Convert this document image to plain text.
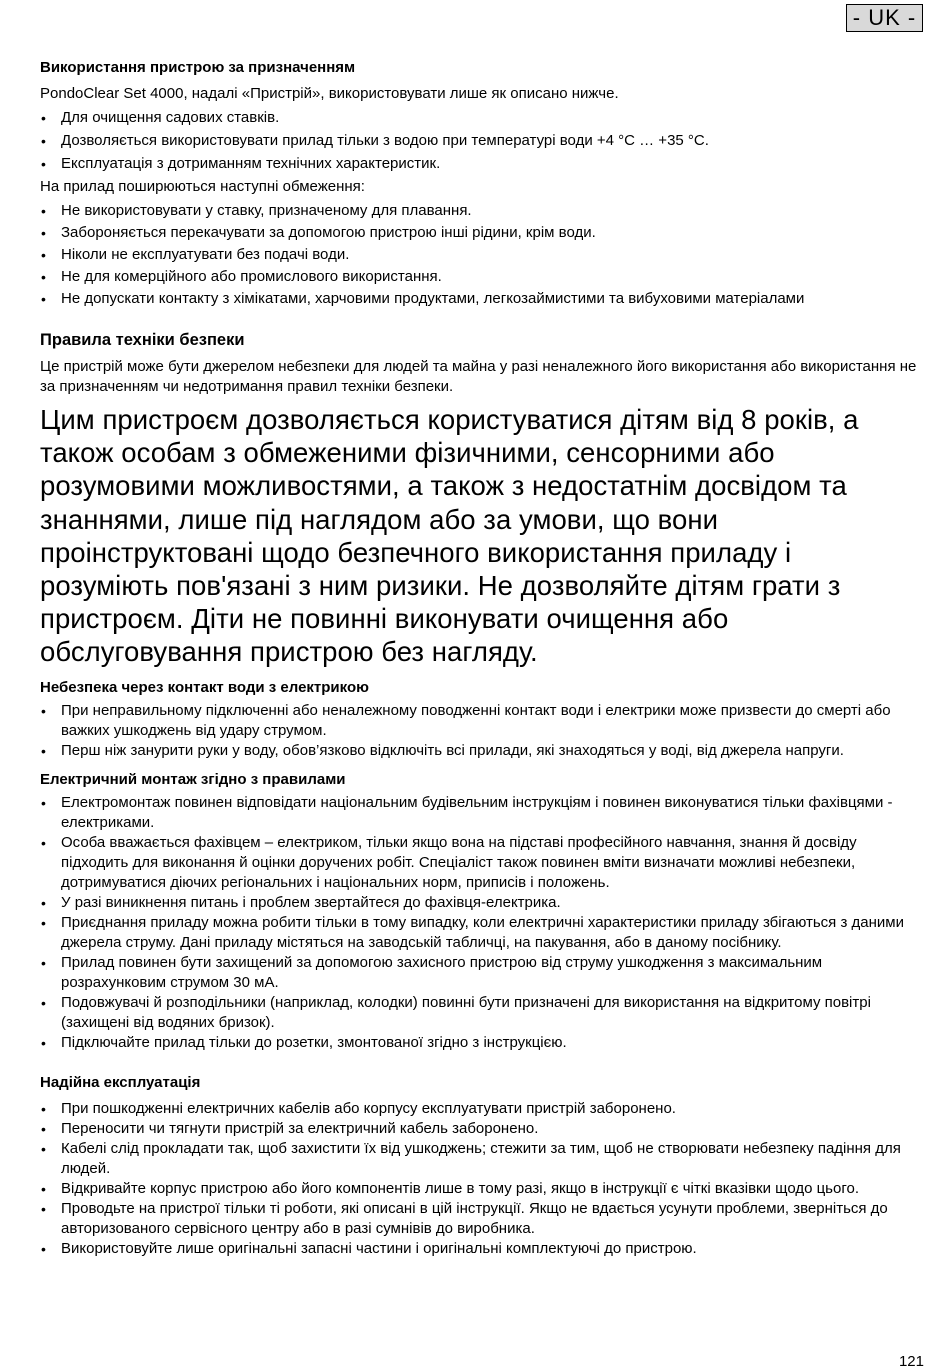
- UK -
Використання пристрою за призначенням

PondoClear Set 4000, надалі «Пристрій», використовувати лише як описано нижче.

• Для очищення садових ставків.
• Дозволяється використовувати прилад тільки з водою при температурі води +4 °C … +35 °C.
• Експлуатація з дотриманням технічних характеристик.

На прилад поширюються наступні обмеження:

• Не використовувати у ставку, призначеному для плавання.
• Забороняється перекачувати за допомогою пристрою інші рідини, крім води.
• Ніколи не експлуатувати без подачі води.
• Не для комерційного або промислового використання.
• Не допускати контакту з хімікатами, харчовими продуктами, легкозаймистими та вибуховими матеріалами
Правила техніки безпеки

Це пристрій може бути джерелом небезпеки для людей та майна у разі неналежного його використання або використання не за призначенням чи недотримання правил техніки безпеки.

Цим пристроєм дозволяється користуватися дітям від 8 років, а
також особам з обмеженими фізичними, сенсорними або
розумовими можливостями, а також з недостатнім досвідом та
знаннями, лише під наглядом або за умови, що вони
проінструктовані щодо безпечного використання приладу і
розуміють пов'язані з ним ризики. Не дозволяйте дітям грати з
пристроєм. Діти не повинні виконувати очищення або
обслуговування пристрою без нагляду.
Небезпека через контакт води з електрикою
• При неправильному підключенні або неналежному поводженні контакт води і електрики може призвести до смерті або важких ушкоджень від удару струмом.
• Перш ніж занурити руки у воду, обов’язково відключіть всі прилади, які знаходяться у воді, від джерела напруги.
Електричний монтаж згідно з правилами
• Електромонтаж повинен відповідати національним будівельним інструкціям і повинен виконуватися тільки фахівцями - електриками.
• Особа вважається фахівцем – електриком, тільки якщо вона на підставі професійного навчання, знання й досвіду підходить для виконання й оцінки доручених робіт. Спеціаліст також повинен вміти визначати можливі небезпеки, дотримуватися діючих регіональних і національних норм, приписів і положень.
• У разі виникнення питань і проблем звертайтеся до фахівця-електрика.
• Приєднання приладу можна робити тільки в тому випадку, коли електричні характеристики приладу збігаються з даними джерела струму. Дані приладу містяться на заводській табличці, на пакування, або в даному посібнику.
• Прилад повинен бути захищений за допомогою захисного пристрою від струму ушкодження з максимальним розрахунковим струмом 30 мА.
• Подовжувачі й розподільники (наприклад, колодки) повинні бути призначені для використання на відкритому повітрі (захищені від водяних бризок).
• Підключайте прилад тільки до розетки, змонтованої згідно з інструкцією.
Надійна експлуатація
• При пошкодженні електричних кабелів або корпусу експлуатувати пристрій заборонено.
• Переносити чи тягнути пристрій за електричний кабель заборонено.
• Кабелі слід прокладати так, щоб захистити їх від ушкоджень; стежити за тим, щоб не створювати небезпеку падіння для людей.
• Відкривайте корпус пристрою або його компонентів лише в тому разі, якщо в інструкції є чіткі вказівки щодо цього.
• Проводьте на пристрої тільки ті роботи, які описані в цій інструкції. Якщо не вдається усунути проблеми, зверніться до авторизованого сервісного центру або в разі сумнівів до виробника.
• Використовуйте лише оригінальні запасні частини і оригінальні комплектуючі до пристрою.
121
